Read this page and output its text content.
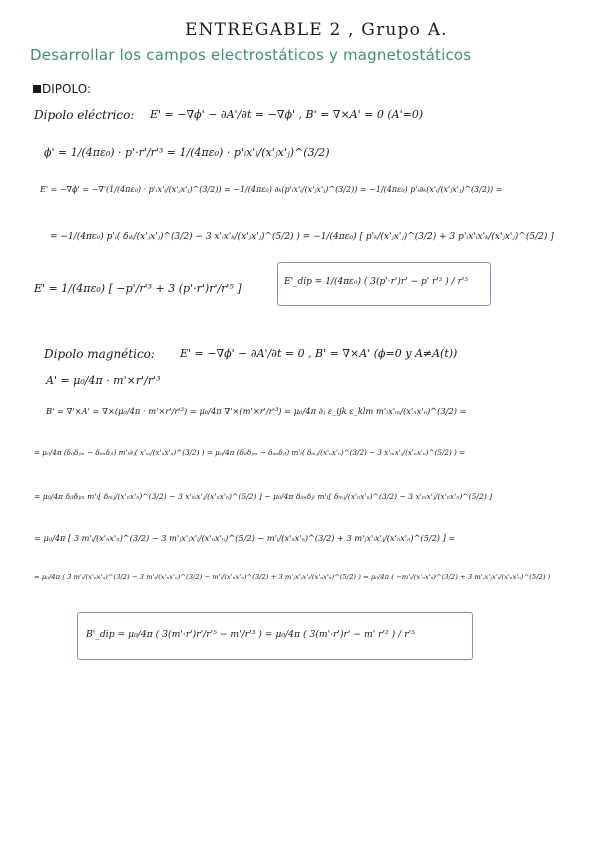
ENTREGABLE 2 , Grupo A.
Desarrollar los campos electrostáticos y magnetostáticos
DIPOLO:
Dipolo eléctrico: E' = −∇ϕ' − ∂A'/∂t = −∇ϕ' , B' = ∇×A' = 0 (A'=0)
ϕ' = 1/(4πε₀) · p'·r'/r'³ = 1/(4πε₀) · p'ᵢx'ᵢ/(x'ⱼx'ⱼ)^(3/2)
E' = −∇ϕ' = −∇'(1/(4πε₀) · p'ᵢx'ᵢ/(x'ⱼx'ⱼ)^(3/2)) = −1/(4πε₀) ∂ₖ(p'ᵢx'ᵢ/(x'ⱼx'ⱼ)^(3/2)) = −1/(4πε₀) p'ᵢ∂ₖ(x'ᵢ/(x'ⱼx'ⱼ)^(3/2)) =
= −1/(4πε₀) p'ᵢ( δᵢₖ/(x'ⱼx'ⱼ)^(3/2) − 3 x'ᵢx'ₖ/(x'ⱼx'ⱼ)^(5/2) ) = −1/(4πε₀) [ p'ₖ/(x'ⱼx'ⱼ)^(3/2) + 3 p'ᵢx'ᵢx'ₖ/(x'ⱼx'ⱼ)^(5/2) ]
E' = 1/(4πε₀) [ −p'/r'³ + 3 (p'·r')r'/r'⁵ ]	E'_dip = 1/(4πε₀) ( 3(p'·r')r' − p' r'² ) / r'⁵
Dipolo magnético: E' = −∇ϕ' − ∂A'/∂t = 0 , B' = ∇×A' (ϕ=0 y A≠A(t))
A' = μ₀/4π · m'×r'/r'³
B' = ∇'×A' = ∇×(μ₀/4π · m'×r'/r'³) = μ₀/4π ∇'×(m'×r'/r'³) = μ₀/4π ∂ⱼ ε_ijk ε_klm m'ₗx'ₘ/(x'ₙx'ₙ)^(3/2) =
= μ₀/4π (δᵢₗδⱼₘ − δᵢₘδⱼₗ) m'ₗ∂ⱼ( x'ₘ/(x'ₙx'ₙ)^(3/2) ) = μ₀/4π (δᵢₗδⱼₘ − δᵢₘδⱼₗ) m'ₗ( δₘⱼ/(x'ₙx'ₙ)^(3/2) − 3 x'ₘx'ⱼ/(x'ₙx'ₙ)^(5/2) ) =
= μ₀/4π δᵢₗδⱼₘ m'ₗ[ δₘⱼ/(x'ₙx'ₙ)^(3/2) − 3 x'ₘx'ⱼ/(x'ₙx'ₙ)^(5/2) ] − μ₀/4π δᵢₘδⱼₗ m'ₗ[ δₘⱼ/(x'ₙx'ₙ)^(3/2) − 3 x'ₘx'ⱼ/(x'ₙx'ₙ)^(5/2) ]
= μ₀/4π [ 3 m'ᵢ/(x'ₙx'ₙ)^(3/2) − 3 m'ⱼx'ⱼx'ᵢ/(x'ₙx'ₙ)^(5/2) − m'ᵢ/(x'ₙx'ₙ)^(3/2) + 3 m'ⱼx'ᵢx'ⱼ/(x'ₙx'ₙ)^(5/2) ] =
= μ₀/4π ( 3 m'ᵢ/(x'ₙx'ₙ)^(3/2) − 3 m'ᵢ/(x'ₙx'ₙ)^(3/2) − m'ᵢ/(x'ₙx'ₙ)^(3/2) + 3 m'ⱼx'ⱼx'ᵢ/(x'ₙx'ₙ)^(5/2) ) = μ₀/4π ( −m'ᵢ/(x'ₙx'ₙ)^(3/2) + 3 m'ⱼx'ⱼx'ᵢ/(x'ₙx'ₙ)^(5/2) )
B'_dip = μ₀/4π ( 3(m'·r')r'/r'⁵ − m'/r'³ ) = μ₀/4π ( 3(m'·r')r' − m' r'² ) / r'⁵
